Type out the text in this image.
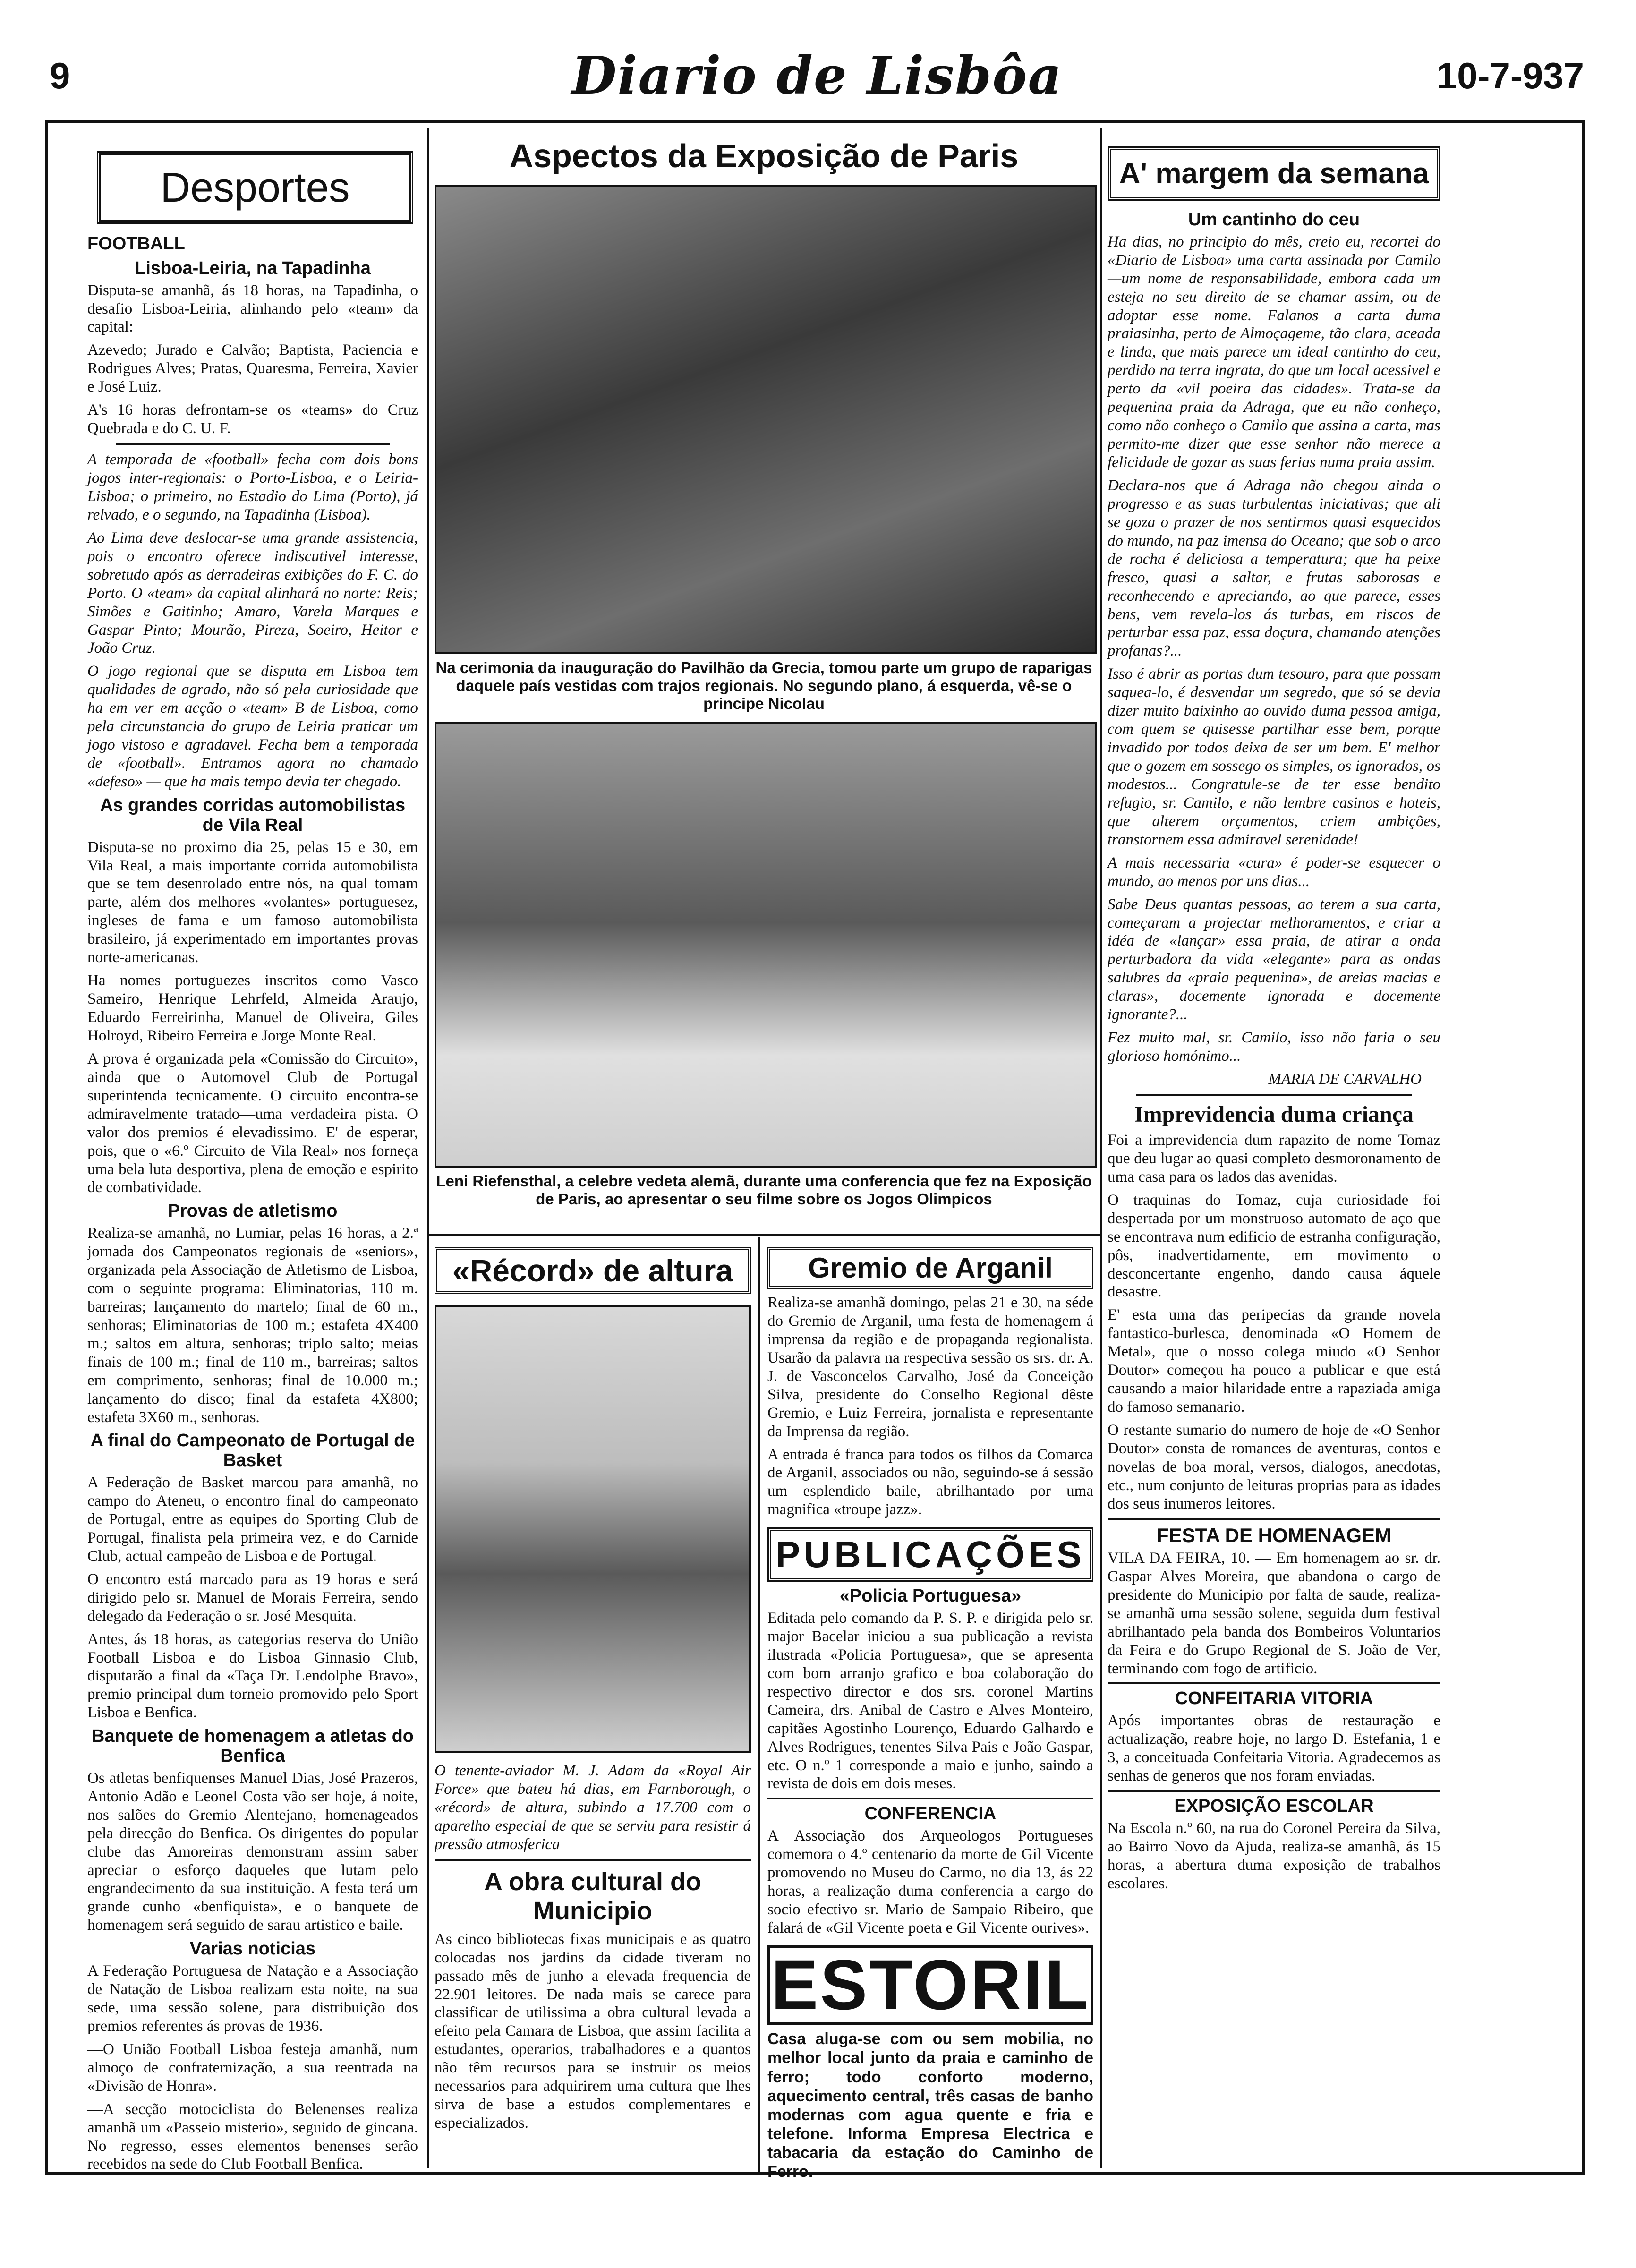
9	Diario de Lisbôa	10-7-937
Desportes
FOOTBALL
Lisboa-Leiria, na Tapadinha

Disputa-se amanhã, ás 18 horas, na Tapadinha, o desafio Lisboa-Leiria, alinhando pelo «team» da capital:

Azevedo; Jurado e Calvão; Baptista, Paciencia e Rodrigues Alves; Pratas, Quaresma, Ferreira, Xavier e José Luiz.

A's 16 horas defrontam-se os «teams» do Cruz Quebrada e do C. U. F.

A temporada de «football» fecha com dois bons jogos inter-regionais: o Porto-Lisboa, e o Leiria-Lisboa; o primeiro, no Estadio do Lima (Porto), já relvado, e o segundo, na Tapadinha (Lisboa).

Ao Lima deve deslocar-se uma grande assistencia, pois o encontro oferece indiscutivel interesse, sobretudo após as derradeiras exibições do F. C. do Porto. O «team» da capital alinhará no norte: Reis; Simões e Gaitinho; Amaro, Varela Marques e Gaspar Pinto; Mourão, Pireza, Soeiro, Heitor e João Cruz.

O jogo regional que se disputa em Lisboa tem qualidades de agrado, não só pela curiosidade que ha em ver em acção o «team» B de Lisboa, como pela circunstancia do grupo de Leiria praticar um jogo vistoso e agradavel. Fecha bem a temporada de «football». Entramos agora no chamado «defeso» — que ha mais tempo devia ter chegado.

As grandes corridas automobilistas de Vila Real

Disputa-se no proximo dia 25, pelas 15 e 30, em Vila Real, a mais importante corrida automobilista que se tem desenrolado entre nós, na qual tomam parte, além dos melhores «volantes» portuguesez, ingleses de fama e um famoso automobilista brasileiro, já experimentado em importantes provas norte-americanas.

Ha nomes portuguezes inscritos como Vasco Sameiro, Henrique Lehrfeld, Almeida Araujo, Eduardo Ferreirinha, Manuel de Oliveira, Giles Holroyd, Ribeiro Ferreira e Jorge Monte Real.

A prova é organizada pela «Comissão do Circuito», ainda que o Automovel Club de Portugal superintenda tecnicamente. O circuito encontra-se admiravelmente tratado—uma verdadeira pista. O valor dos premios é elevadissimo. E' de esperar, pois, que o «6.º Circuito de Vila Real» nos forneça uma bela luta desportiva, plena de emoção e espirito de combatividade.

Provas de atletismo

Realiza-se amanhã, no Lumiar, pelas 16 horas, a 2.ª jornada dos Campeonatos regionais de «seniors», organizada pela Associação de Atletismo de Lisboa, com o seguinte programa: Eliminatorias, 110 m. barreiras; lançamento do martelo; final de 60 m., senhoras; Eliminatorias de 100 m.; estafeta 4X400 m.; saltos em altura, senhoras; triplo salto; meias finais de 100 m.; final de 110 m., barreiras; saltos em comprimento, senhoras; final de 10.000 m.; lançamento do disco; final da estafeta 4X800; estafeta 3X60 m., senhoras.

A final do Campeonato de Portugal de Basket

A Federação de Basket marcou para amanhã, no campo do Ateneu, o encontro final do campeonato de Portugal, entre as equipes do Sporting Club de Portugal, finalista pela primeira vez, e do Carnide Club, actual campeão de Lisboa e de Portugal.

O encontro está marcado para as 19 horas e será dirigido pelo sr. Manuel de Morais Ferreira, sendo delegado da Federação o sr. José Mesquita.

Antes, ás 18 horas, as categorias reserva do União Football Lisboa e do Lisboa Ginnasio Club, disputarão a final da «Taça Dr. Lendolphe Bravo», premio principal dum torneio promovido pelo Sport Lisboa e Benfica.

Banquete de homenagem a atletas do Benfica

Os atletas benfiquenses Manuel Dias, José Prazeros, Antonio Adão e Leonel Costa vão ser hoje, á noite, nos salões do Gremio Alentejano, homenageados pela direcção do Benfica. Os dirigentes do popular clube das Amoreiras demonstram assim saber apreciar o esforço daqueles que lutam pelo engrandecimento da sua instituição. A festa terá um grande cunho «benfiquista», e o banquete de homenagem será seguido de sarau artistico e baile.

Varias noticias

A Federação Portuguesa de Natação e a Associação de Natação de Lisboa realizam esta noite, na sua sede, uma sessão solene, para distribuição dos premios referentes ás provas de 1936.

—O União Football Lisboa festeja amanhã, num almoço de confraternização, a sua reentrada na «Divisão de Honra».

—A secção motociclista do Belenenses realiza amanhã um «Passeio misterio», seguido de gincana. No regresso, esses elementos benenses serão recebidos na sede do Club Football Benfica.

Aspectos da Exposição de Paris
Na cerimonia da inauguração do Pavilhão da Grecia, tomou parte um grupo de raparigas daquele país vestidas com trajos regionais. No segundo plano, á esquerda, vê-se o principe Nicolau
Leni Riefensthal, a celebre vedeta alemã, durante uma conferencia que fez na Exposição de Paris, ao apresentar o seu filme sobre os Jogos Olimpicos
«Récord» de altura

O tenente-aviador M. J. Adam da «Royal Air Force» que bateu há dias, em Farnborough, o «récord» de altura, subindo a 17.700 com o aparelho especial de que se serviu para resistir á pressão atmosferica

A obra cultural do Municipio

As cinco bibliotecas fixas municipais e as quatro colocadas nos jardins da cidade tiveram no passado mês de junho a elevada frequencia de 22.901 leitores. De nada mais se carece para classificar de utilissima a obra cultural levada a efeito pela Camara de Lisboa, que assim facilita a estudantes, operarios, trabalhadores e a quantos não têm recursos para se instruir os meios necessarios para adquirirem uma cultura que lhes sirva de base a estudos complementares e especializados.

Gremio de Arganil

Realiza-se amanhã domingo, pelas 21 e 30, na séde do Gremio de Arganil, uma festa de homenagem á imprensa da região e de propaganda regionalista. Usarão da palavra na respectiva sessão os srs. dr. A. J. de Vasconcelos Carvalho, José da Conceição Silva, presidente do Conselho Regional dêste Gremio, e Luiz Ferreira, jornalista e representante da Imprensa da região.

A entrada é franca para todos os filhos da Comarca de Arganil, associados ou não, seguindo-se á sessão um esplendido baile, abrilhantado por uma magnifica «troupe jazz».

PUBLICAÇÕES
«Policia Portuguesa»

Editada pelo comando da P. S. P. e dirigida pelo sr. major Bacelar iniciou a sua publicação a revista ilustrada «Policia Portuguesa», que se apresenta com bom arranjo grafico e boa colaboração do respectivo director e dos srs. coronel Martins Cameira, drs. Anibal de Castro e Alves Monteiro, capitães Agostinho Lourenço, Eduardo Galhardo e Alves Rodrigues, tenentes Silva Pais e João Gaspar, etc. O n.º 1 corresponde a maio e junho, saindo a revista de dois em dois meses.

CONFERENCIA

A Associação dos Arqueologos Portugueses comemora o 4.º centenario da morte de Gil Vicente promovendo no Museu do Carmo, no dia 13, ás 22 horas, a realização duma conferencia a cargo do socio efectivo sr. Mario de Sampaio Ribeiro, que falará de «Gil Vicente poeta e Gil Vicente ourives».

ESTORIL

Casa aluga-se com ou sem mobilia, no melhor local junto da praia e caminho de ferro; todo conforto moderno, aquecimento central, três casas de banho modernas com agua quente e fria e telefone. Informa Empresa Electrica e tabacaria da estação do Caminho de Ferro.

A' margem da semana
Um cantinho do ceu

Ha dias, no principio do mês, creio eu, recortei do «Diario de Lisboa» uma carta assinada por Camilo—um nome de responsabilidade, embora cada um esteja no seu direito de se chamar assim, ou de adoptar esse nome. Falanos a carta duma praiasinha, perto de Almoçageme, tão clara, aceada e linda, que mais parece um ideal cantinho do ceu, perdido na terra ingrata, do que um local acessivel e perto da «vil poeira das cidades». Trata-se da pequenina praia da Adraga, que eu não conheço, como não conheço o Camilo que assina a carta, mas permito-me dizer que esse senhor não merece a felicidade de gozar as suas ferias numa praia assim.

Declara-nos que á Adraga não chegou ainda o progresso e as suas turbulentas iniciativas; que ali se goza o prazer de nos sentirmos quasi esquecidos do mundo, na paz imensa do Oceano; que sob o arco de rocha é deliciosa a temperatura; que ha peixe fresco, quasi a saltar, e frutas saborosas e reconhecendo e apreciando, ao que parece, esses bens, vem revela-los ás turbas, em riscos de perturbar essa paz, essa doçura, chamando atenções profanas?...

Isso é abrir as portas dum tesouro, para que possam saquea-lo, é desvendar um segredo, que só se devia dizer muito baixinho ao ouvido duma pessoa amiga, com quem se quisesse partilhar esse bem, porque invadido por todos deixa de ser um bem. E' melhor que o gozem em sossego os simples, os ignorados, os modestos... Congratule-se de ter esse bendito refugio, sr. Camilo, e não lembre casinos e hoteis, que alterem orçamentos, criem ambições, transtornem essa admiravel serenidade!

A mais necessaria «cura» é poder-se esquecer o mundo, ao menos por uns dias...

Sabe Deus quantas pessoas, ao terem a sua carta, começaram a projectar melhoramentos, e criar a idéa de «lançar» essa praia, de atirar a onda perturbadora da vida «elegante» para as ondas salubres da «praia pequenina», de areias macias e claras», docemente ignorada e docemente ignorante?...

Fez muito mal, sr. Camilo, isso não faria o seu glorioso homónimo...

MARIA DE CARVALHO

Imprevidencia duma criança

Foi a imprevidencia dum rapazito de nome Tomaz que deu lugar ao quasi completo desmoronamento de uma casa para os lados das avenidas.

O traquinas do Tomaz, cuja curiosidade foi despertada por um monstruoso automato de aço que se encontrava num edificio de estranha configuração, pôs, inadvertidamente, em movimento o desconcertante engenho, dando causa áquele desastre.

E' esta uma das peripecias da grande novela fantastico-burlesca, denominada «O Homem de Metal», que o nosso colega miudo «O Senhor Doutor» começou ha pouco a publicar e que está causando a maior hilaridade entre a rapaziada amiga do famoso semanario.

O restante sumario do numero de hoje de «O Senhor Doutor» consta de romances de aventuras, contos e novelas de boa moral, versos, dialogos, anecdotas, etc., num conjunto de leituras proprias para as idades dos seus inumeros leitores.

FESTA DE HOMENAGEM

VILA DA FEIRA, 10. — Em homenagem ao sr. dr. Gaspar Alves Moreira, que abandona o cargo de presidente do Municipio por falta de saude, realiza-se amanhã uma sessão solene, seguida dum festival abrilhantado pela banda dos Bombeiros Voluntarios da Feira e do Grupo Regional de S. João de Ver, terminando com fogo de artificio.

CONFEITARIA VITORIA

Após importantes obras de restauração e actualização, reabre hoje, no largo D. Estefania, 1 e 3, a conceituada Confeitaria Vitoria. Agradecemos as senhas de generos que nos foram enviadas.

EXPOSIÇÃO ESCOLAR

Na Escola n.º 60, na rua do Coronel Pereira da Silva, ao Bairro Novo da Ajuda, realiza-se amanhã, ás 15 horas, a abertura duma exposição de trabalhos escolares.
